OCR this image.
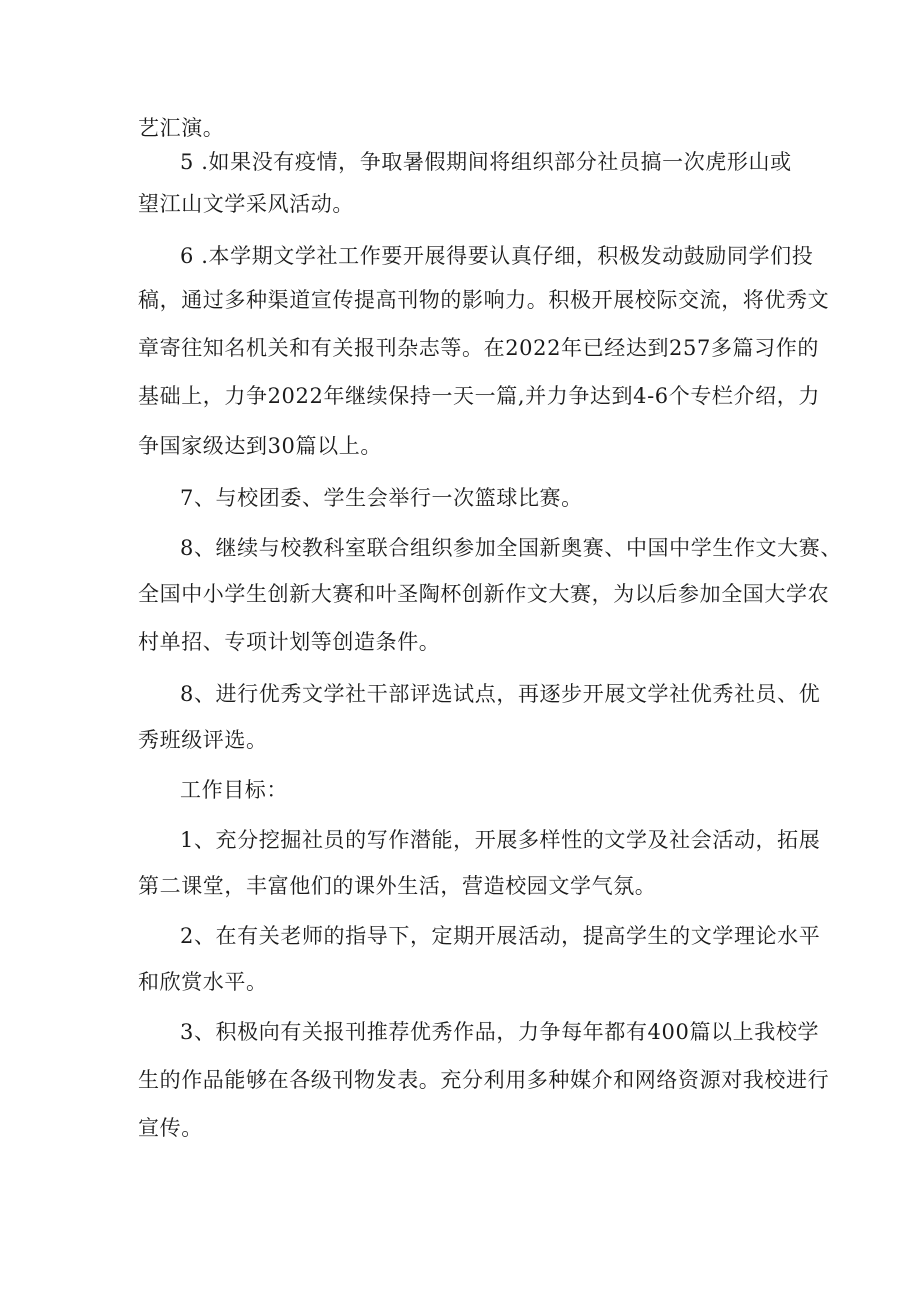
艺汇演。
5 .如果没有疫情，争取暑假期间将组织部分社员搞一次虎形山或
望江山文学采风活动。
6 .本学期文学社工作要开展得要认真仔细，积极发动鼓励同学们投
稿，通过多种渠道宣传提高刊物的影响力。积极开展校际交流，将优秀文
章寄往知名机关和有关报刊杂志等。在2022年已经达到257多篇习作的
基础上，力争2022年继续保持一天一篇,并力争达到4-6个专栏介绍，力
争国家级达到30篇以上。
7、与校团委、学生会举行一次篮球比赛。
8、继续与校教科室联合组织参加全国新奥赛、中国中学生作文大赛、
全国中小学生创新大赛和叶圣陶杯创新作文大赛，为以后参加全国大学农
村单招、专项计划等创造条件。
8、进行优秀文学社干部评选试点，再逐步开展文学社优秀社员、优
秀班级评选。
工作目标：
1、充分挖掘社员的写作潜能，开展多样性的文学及社会活动，拓展
第二课堂，丰富他们的课外生活，营造校园文学气氛。
2、在有关老师的指导下，定期开展活动，提高学生的文学理论水平
和欣赏水平。
3、积极向有关报刊推荐优秀作品，力争每年都有400篇以上我校学
生的作品能够在各级刊物发表。充分利用多种媒介和网络资源对我校进行
宣传。
